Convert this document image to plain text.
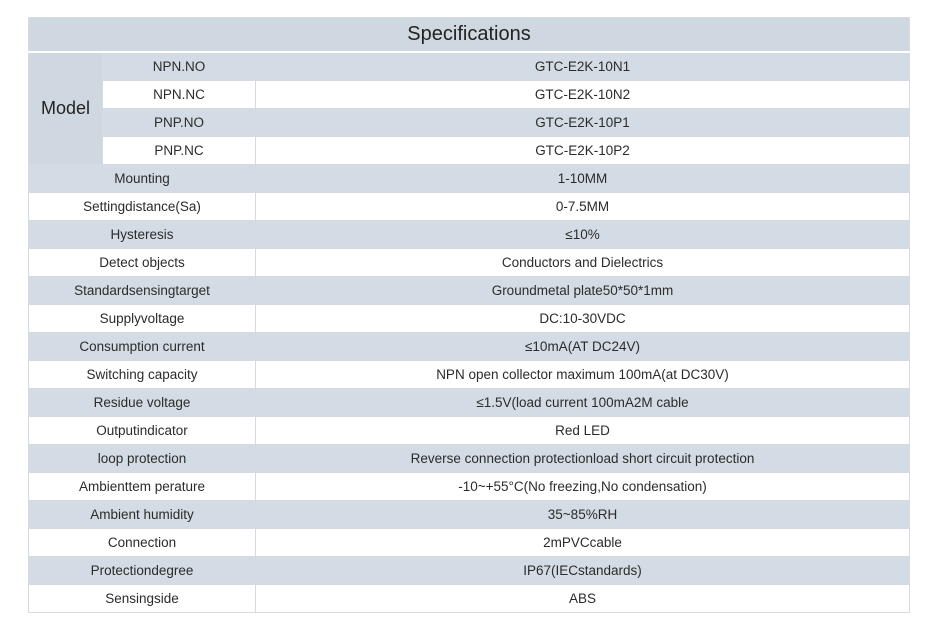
Specifications		
Model	NPN.NO	GTC-E2K-10N1
	NPN.NC	GTC-E2K-10N2
	PNP.NO	GTC-E2K-10P1
	PNP.NC	GTC-E2K-10P2
Mounting		1-10MM
Settingdistance(Sa)		0-7.5MM
Hysteresis		≤10%
Detect objects		Conductors and Dielectrics
Standardsensingtarget		Groundmetal plate50*50*1mm
Supplyvoltage		DC:10-30VDC
Consumption current		≤10mA(AT DC24V)
Switching capacity		NPN open collector maximum 100mA(at DC30V)
Residue voltage		≤1.5V(load current 100mA2M cable
Outputindicator		Red LED
loop protection		Reverse connection protectionload short circuit protection
Ambienttem perature		-10~+55°C(No freezing,No condensation)
Ambient humidity		35~85%RH
Connection		2mPVCcable
Protectiondegree		IP67(IECstandards)
Sensingside		ABS
